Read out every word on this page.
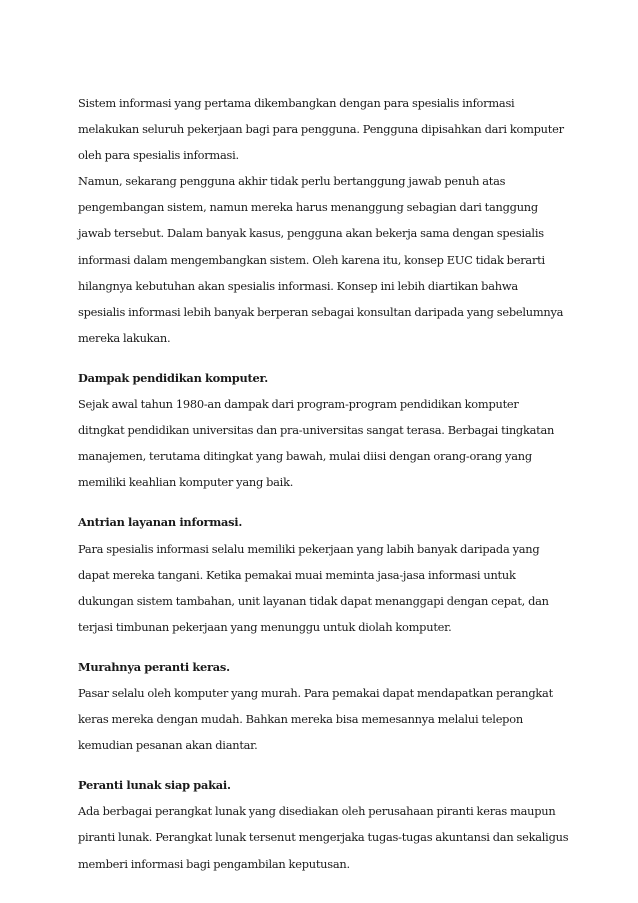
Sistem informasi yang pertama dikembangkan dengan para spesialis informasi
melakukan seluruh pekerjaan bagi para pengguna. Pengguna dipisahkan dari komputer
oleh para spesialis informasi.
Namun, sekarang pengguna akhir tidak perlu bertanggung jawab penuh atas
pengembangan sistem, namun mereka harus menanggung sebagian dari tanggung
jawab tersebut. Dalam banyak kasus, pengguna akan bekerja sama dengan spesialis
informasi dalam mengembangkan sistem. Oleh karena itu, konsep EUC tidak berarti
hilangnya kebutuhan akan spesialis informasi. Konsep ini lebih diartikan bahwa
spesialis informasi lebih banyak berperan sebagai konsultan daripada yang sebelumnya
mereka lakukan.
Dampak pendidikan komputer.
Sejak awal tahun 1980-an dampak dari program-program pendidikan komputer
ditngkat pendidikan universitas dan pra-universitas sangat terasa. Berbagai tingkatan
manajemen, terutama ditingkat yang bawah, mulai diisi dengan orang-orang yang
memiliki keahlian komputer yang baik.
Antrian layanan informasi.
Para spesialis informasi selalu memiliki pekerjaan yang labih banyak daripada yang
dapat mereka tangani. Ketika pemakai muai meminta jasa-jasa informasi untuk
dukungan sistem tambahan, unit layanan tidak dapat menanggapi dengan cepat, dan
terjasi timbunan pekerjaan yang menunggu untuk diolah komputer.
Murahnya peranti keras.
Pasar selalu oleh komputer yang murah. Para pemakai dapat mendapatkan perangkat
keras mereka dengan mudah. Bahkan mereka bisa memesannya melalui telepon
kemudian pesanan akan diantar.
Peranti lunak siap pakai.
Ada berbagai perangkat lunak yang disediakan oleh perusahaan piranti keras maupun
piranti lunak. Perangkat lunak tersenut mengerjaka tugas-tugas akuntansi dan sekaligus
memberi informasi bagi pengambilan keputusan.
